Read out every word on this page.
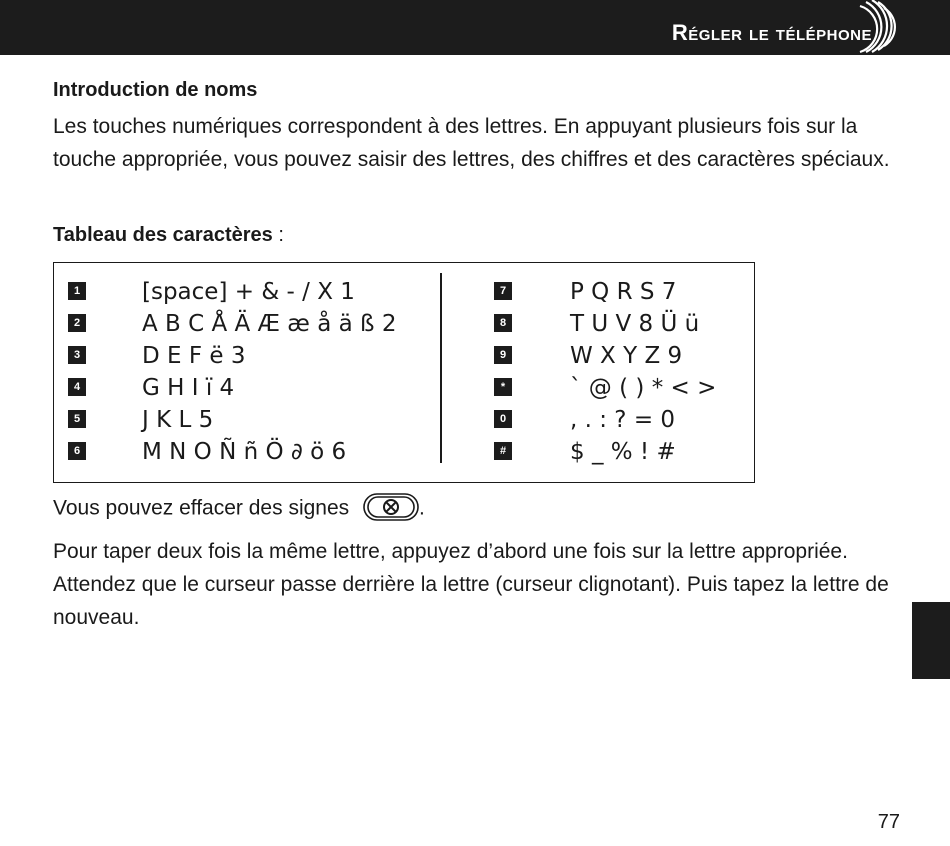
Régler le téléphone
Introduction de noms
Les touches numériques correspondent à des lettres. En appuyant plusieurs fois sur la touche appropriée, vous pouvez saisir des lettres, des chiffres et des caractères spéciaux.
Tableau des caractères :
1	[space] + & - / X 1
2	A B C Å Ä Æ æ å ä ß 2
3	D E F ë 3
4	G H I ï 4
5	J K L 5
6	M N O Ñ ñ Ö ∂ ö 6
7	P Q R S 7
8	T U V 8 Ü ü
9	W X Y Z 9
*	` @ ( ) * < >
0	, . : ? = 0
#	$ _ % ! #
Vous pouvez effacer des signes	.
Pour taper deux fois la même lettre, appuyez d’abord une fois sur la lettre appropriée. Attendez que le curseur passe derrière la lettre (curseur clignotant). Puis tapez la lettre de nouveau.
77
